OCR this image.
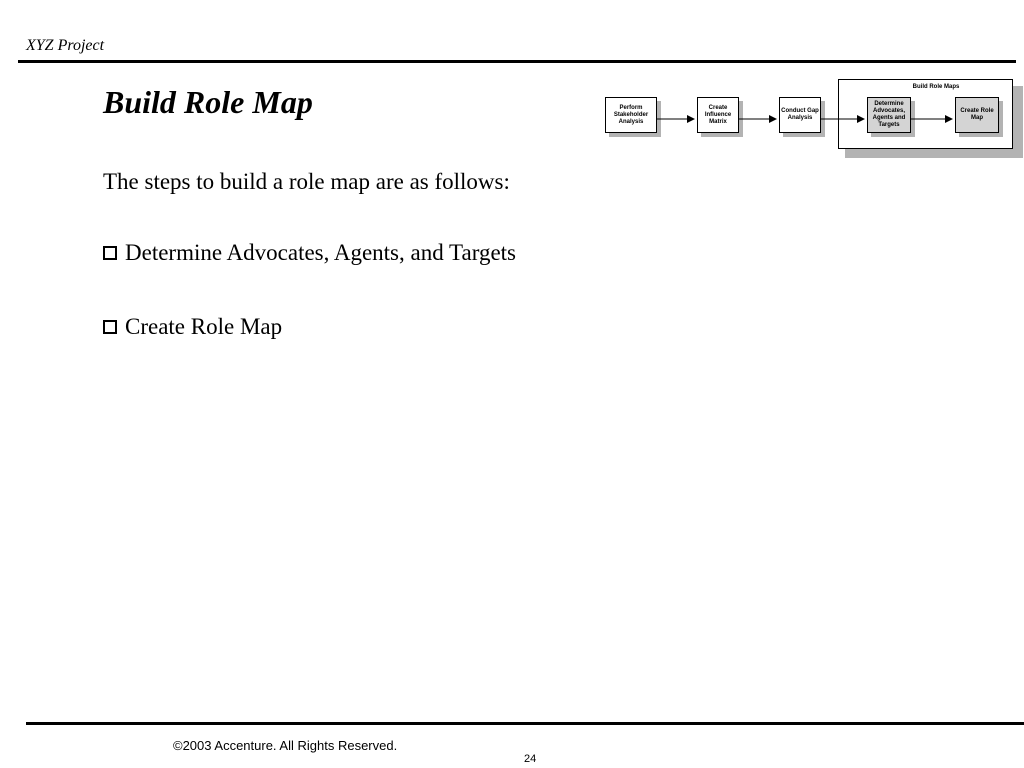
XYZ Project
Build Role Map	Build Role Maps
Perform Stakeholder Analysis
Create Influence Matrix
Conduct Gap Analysis
Determine Advocates, Agents and Targets
Create Role Map
The steps to build a role map are as follows:
Determine Advocates, Agents, and Targets
Create Role Map
©2003 Accenture. All Rights Reserved.
24
